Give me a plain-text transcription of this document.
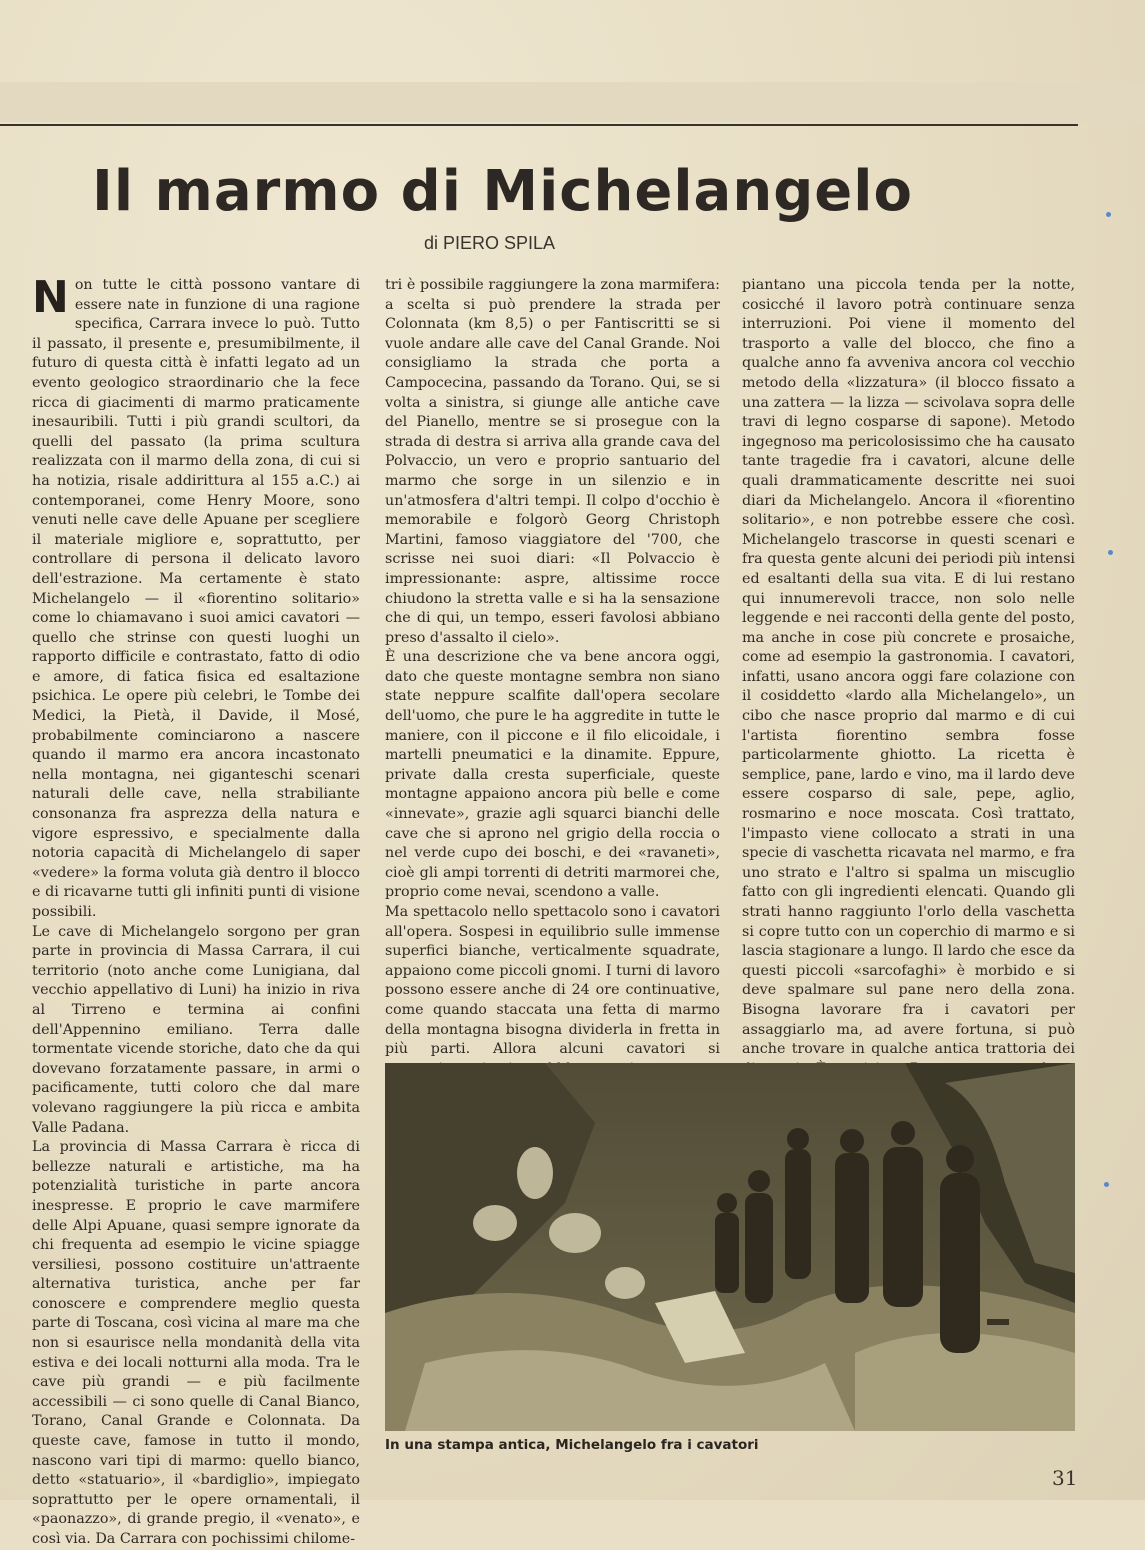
Il marmo di Michelangelo
di PIERO SPILA

Non tutte le città possono vantare di essere nate in funzione di una ragione specifica, Carrara invece lo può. Tutto il passato, il presente e, presumibilmente, il futuro di questa città è infatti legato ad un evento geologico straordinario che la fece ricca di giacimenti di marmo praticamente inesauribili. Tutti i più grandi scultori, da quelli del passato (la prima scultura realizzata con il marmo della zona, di cui si ha notizia, risale addirittura al 155 a.C.) ai contemporanei, come Henry Moore, sono venuti nelle cave delle Apuane per scegliere il materiale migliore e, soprattutto, per controllare di persona il delicato lavoro dell'estrazione. Ma certamente è stato Michelangelo — il «fiorentino solitario» come lo chiamavano i suoi amici cavatori — quello che strinse con questi luoghi un rapporto difficile e contrastato, fatto di odio e amore, di fatica fisica ed esaltazione psichica. Le opere più celebri, le Tombe dei Medici, la Pietà, il Davide, il Mosé, probabilmente cominciarono a nascere quando il marmo era ancora incastonato nella montagna, nei giganteschi scenari naturali delle cave, nella strabiliante consonanza fra asprezza della natura e vigore espressivo, e specialmente dalla notoria capacità di Michelangelo di saper «vedere» la forma voluta già dentro il blocco e di ricavarne tutti gli infiniti punti di visione possibili.

Le cave di Michelangelo sorgono per gran parte in provincia di Massa Carrara, il cui territorio (noto anche come Lunigiana, dal vecchio appellativo di Luni) ha inizio in riva al Tirreno e termina ai confini dell'Appennino emiliano. Terra dalle tormentate vicende storiche, dato che da qui dovevano forzatamente passare, in armi o pacificamente, tutti coloro che dal mare volevano raggiungere la più ricca e ambita Valle Padana.

La provincia di Massa Carrara è ricca di bellezze naturali e artistiche, ma ha potenzialità turistiche in parte ancora inespresse. E proprio le cave marmifere delle Alpi Apuane, quasi sempre ignorate da chi frequenta ad esempio le vicine spiagge versiliesi, possono costituire un'attraente alternativa turistica, anche per far conoscere e comprendere meglio questa parte di Toscana, così vicina al mare ma che non si esaurisce nella mondanità della vita estiva e dei locali notturni alla moda. Tra le cave più grandi — e più facilmente accessibili — ci sono quelle di Canal Bianco, Torano, Canal Grande e Colonnata. Da queste cave, famose in tutto il mondo, nascono vari tipi di marmo: quello bianco, detto «statuario», il «bardiglio», impiegato soprattutto per le opere ornamentali, il «paonazzo», di grande pregio, il «venato», e così via. Da Carrara con pochissimi chilome-

tri è possibile raggiungere la zona marmifera: a scelta si può prendere la strada per Colonnata (km 8,5) o per Fantiscritti se si vuole andare alle cave del Canal Grande. Noi consigliamo la strada che porta a Campocecina, passando da Torano. Qui, se si volta a sinistra, si giunge alle antiche cave del Pianello, mentre se si prosegue con la strada di destra si arriva alla grande cava del Polvaccio, un vero e proprio santuario del marmo che sorge in un silenzio e in un'atmosfera d'altri tempi. Il colpo d'occhio è memorabile e folgorò Georg Christoph Martini, famoso viaggiatore del '700, che scrisse nei suoi diari: «Il Polvaccio è impressionante: aspre, altissime rocce chiudono la stretta valle e si ha la sensazione che di qui, un tempo, esseri favolosi abbiano preso d'assalto il cielo».

È una descrizione che va bene ancora oggi, dato che queste montagne sembra non siano state neppure scalfite dall'opera secolare dell'uomo, che pure le ha aggredite in tutte le maniere, con il piccone e il filo elicoidale, i martelli pneumatici e la dinamite. Eppure, private dalla cresta superficiale, queste montagne appaiono ancora più belle e come «innevate», grazie agli squarci bianchi delle cave che si aprono nel grigio della roccia o nel verde cupo dei boschi, e dei «ravaneti», cioè gli ampi torrenti di detriti marmorei che, proprio come nevai, scendono a valle.

Ma spettacolo nello spettacolo sono i cavatori all'opera. Sospesi in equilibrio sulle immense superfici bianche, verticalmente squadrate, appaiono come piccoli gnomi. I turni di lavoro possono essere anche di 24 ore continuative, come quando staccata una fetta di marmo della montagna bisogna dividerla in fretta in più parti. Allora alcuni cavatori si

piantano una piccola tenda per la notte, cosicché il lavoro potrà continuare senza interruzioni. Poi viene il momento del trasporto a valle del blocco, che fino a qualche anno fa avveniva ancora col vecchio metodo della «lizzatura» (il blocco fissato a una zattera — la lizza — scivolava sopra delle travi di legno cosparse di sapone). Metodo ingegnoso ma pericolosissimo che ha causato tante tragedie fra i cavatori, alcune delle quali drammaticamente descritte nei suoi diari da Michelangelo. Ancora il «fiorentino solitario», e non potrebbe essere che così. Michelangelo trascorse in questi scenari e fra questa gente alcuni dei periodi più intensi ed esaltanti della sua vita. E di lui restano qui innumerevoli tracce, non solo nelle leggende e nei racconti della gente del posto, ma anche in cose più concrete e prosaiche, come ad esempio la gastronomia. I cavatori, infatti, usano ancora oggi fare colazione con il cosiddetto «lardo alla Michelangelo», un cibo che nasce proprio dal marmo e di cui l'artista fiorentino sembra fosse particolarmente ghiotto. La ricetta è semplice, pane, lardo e vino, ma il lardo deve essere cosparso di sale, pepe, aglio, rosmarino e noce moscata. Così trattato, l'impasto viene collocato a strati in una specie di vaschetta ricavata nel marmo, e fra uno strato e l'altro si spalma un miscuglio fatto con gli ingredienti elencati. Quando gli strati hanno raggiunto l'orlo della vaschetta si copre tutto con un coperchio di marmo e si lascia stagionare a lungo. Il lardo che esce da questi piccoli «sarcofaghi» è morbido e si deve spalmare sul pane nero della zona. Bisogna lavorare fra i cavatori per assaggiarlo ma, ad avere fortuna, si può anche trovare in qualche antica trattoria dei

In una stampa antica, Michelangelo fra i cavatori
31
